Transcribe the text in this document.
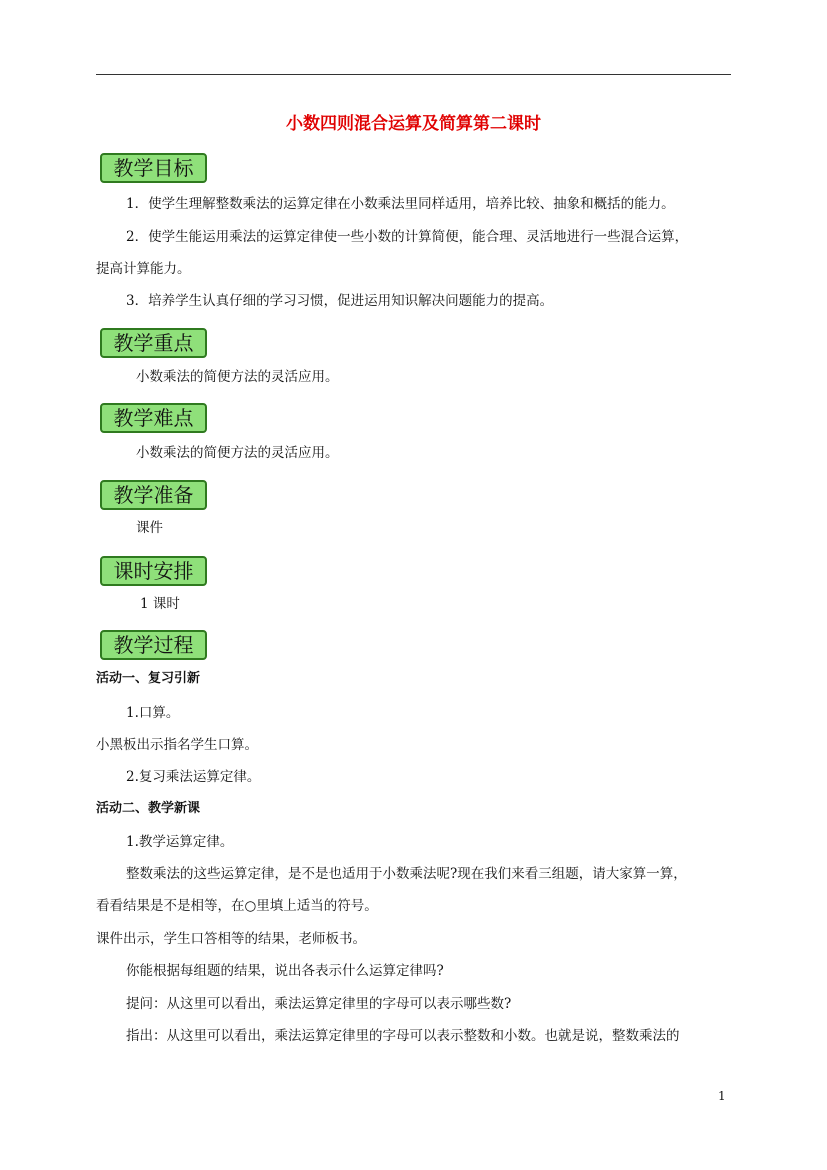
小数四则混合运算及简算第二课时
教学目标
1．使学生理解整数乘法的运算定律在小数乘法里同样适用，培养比较、抽象和概括的能力。
2．使学生能运用乘法的运算定律使一些小数的计算简便，能合理、灵活地进行一些混合运算，
提高计算能力。
3．培养学生认真仔细的学习习惯，促进运用知识解决问题能力的提高。
教学重点
小数乘法的简便方法的灵活应用。
教学难点
小数乘法的简便方法的灵活应用。
教学准备
课件
课时安排
1 课时
教学过程
活动一、复习引新
1.口算。
小黑板出示指名学生口算。
2.复习乘法运算定律。
活动二、教学新课
1.教学运算定律。
整数乘法的这些运算定律，是不是也适用于小数乘法呢?现在我们来看三组题，请大家算一算，
看看结果是不是相等，在○里填上适当的符号。
课件出示，学生口答相等的结果，老师板书。
你能根据每组题的结果，说出各表示什么运算定律吗?
提问：从这里可以看出，乘法运算定律里的字母可以表示哪些数?
指出：从这里可以看出，乘法运算定律里的字母可以表示整数和小数。也就是说，整数乘法的
1
